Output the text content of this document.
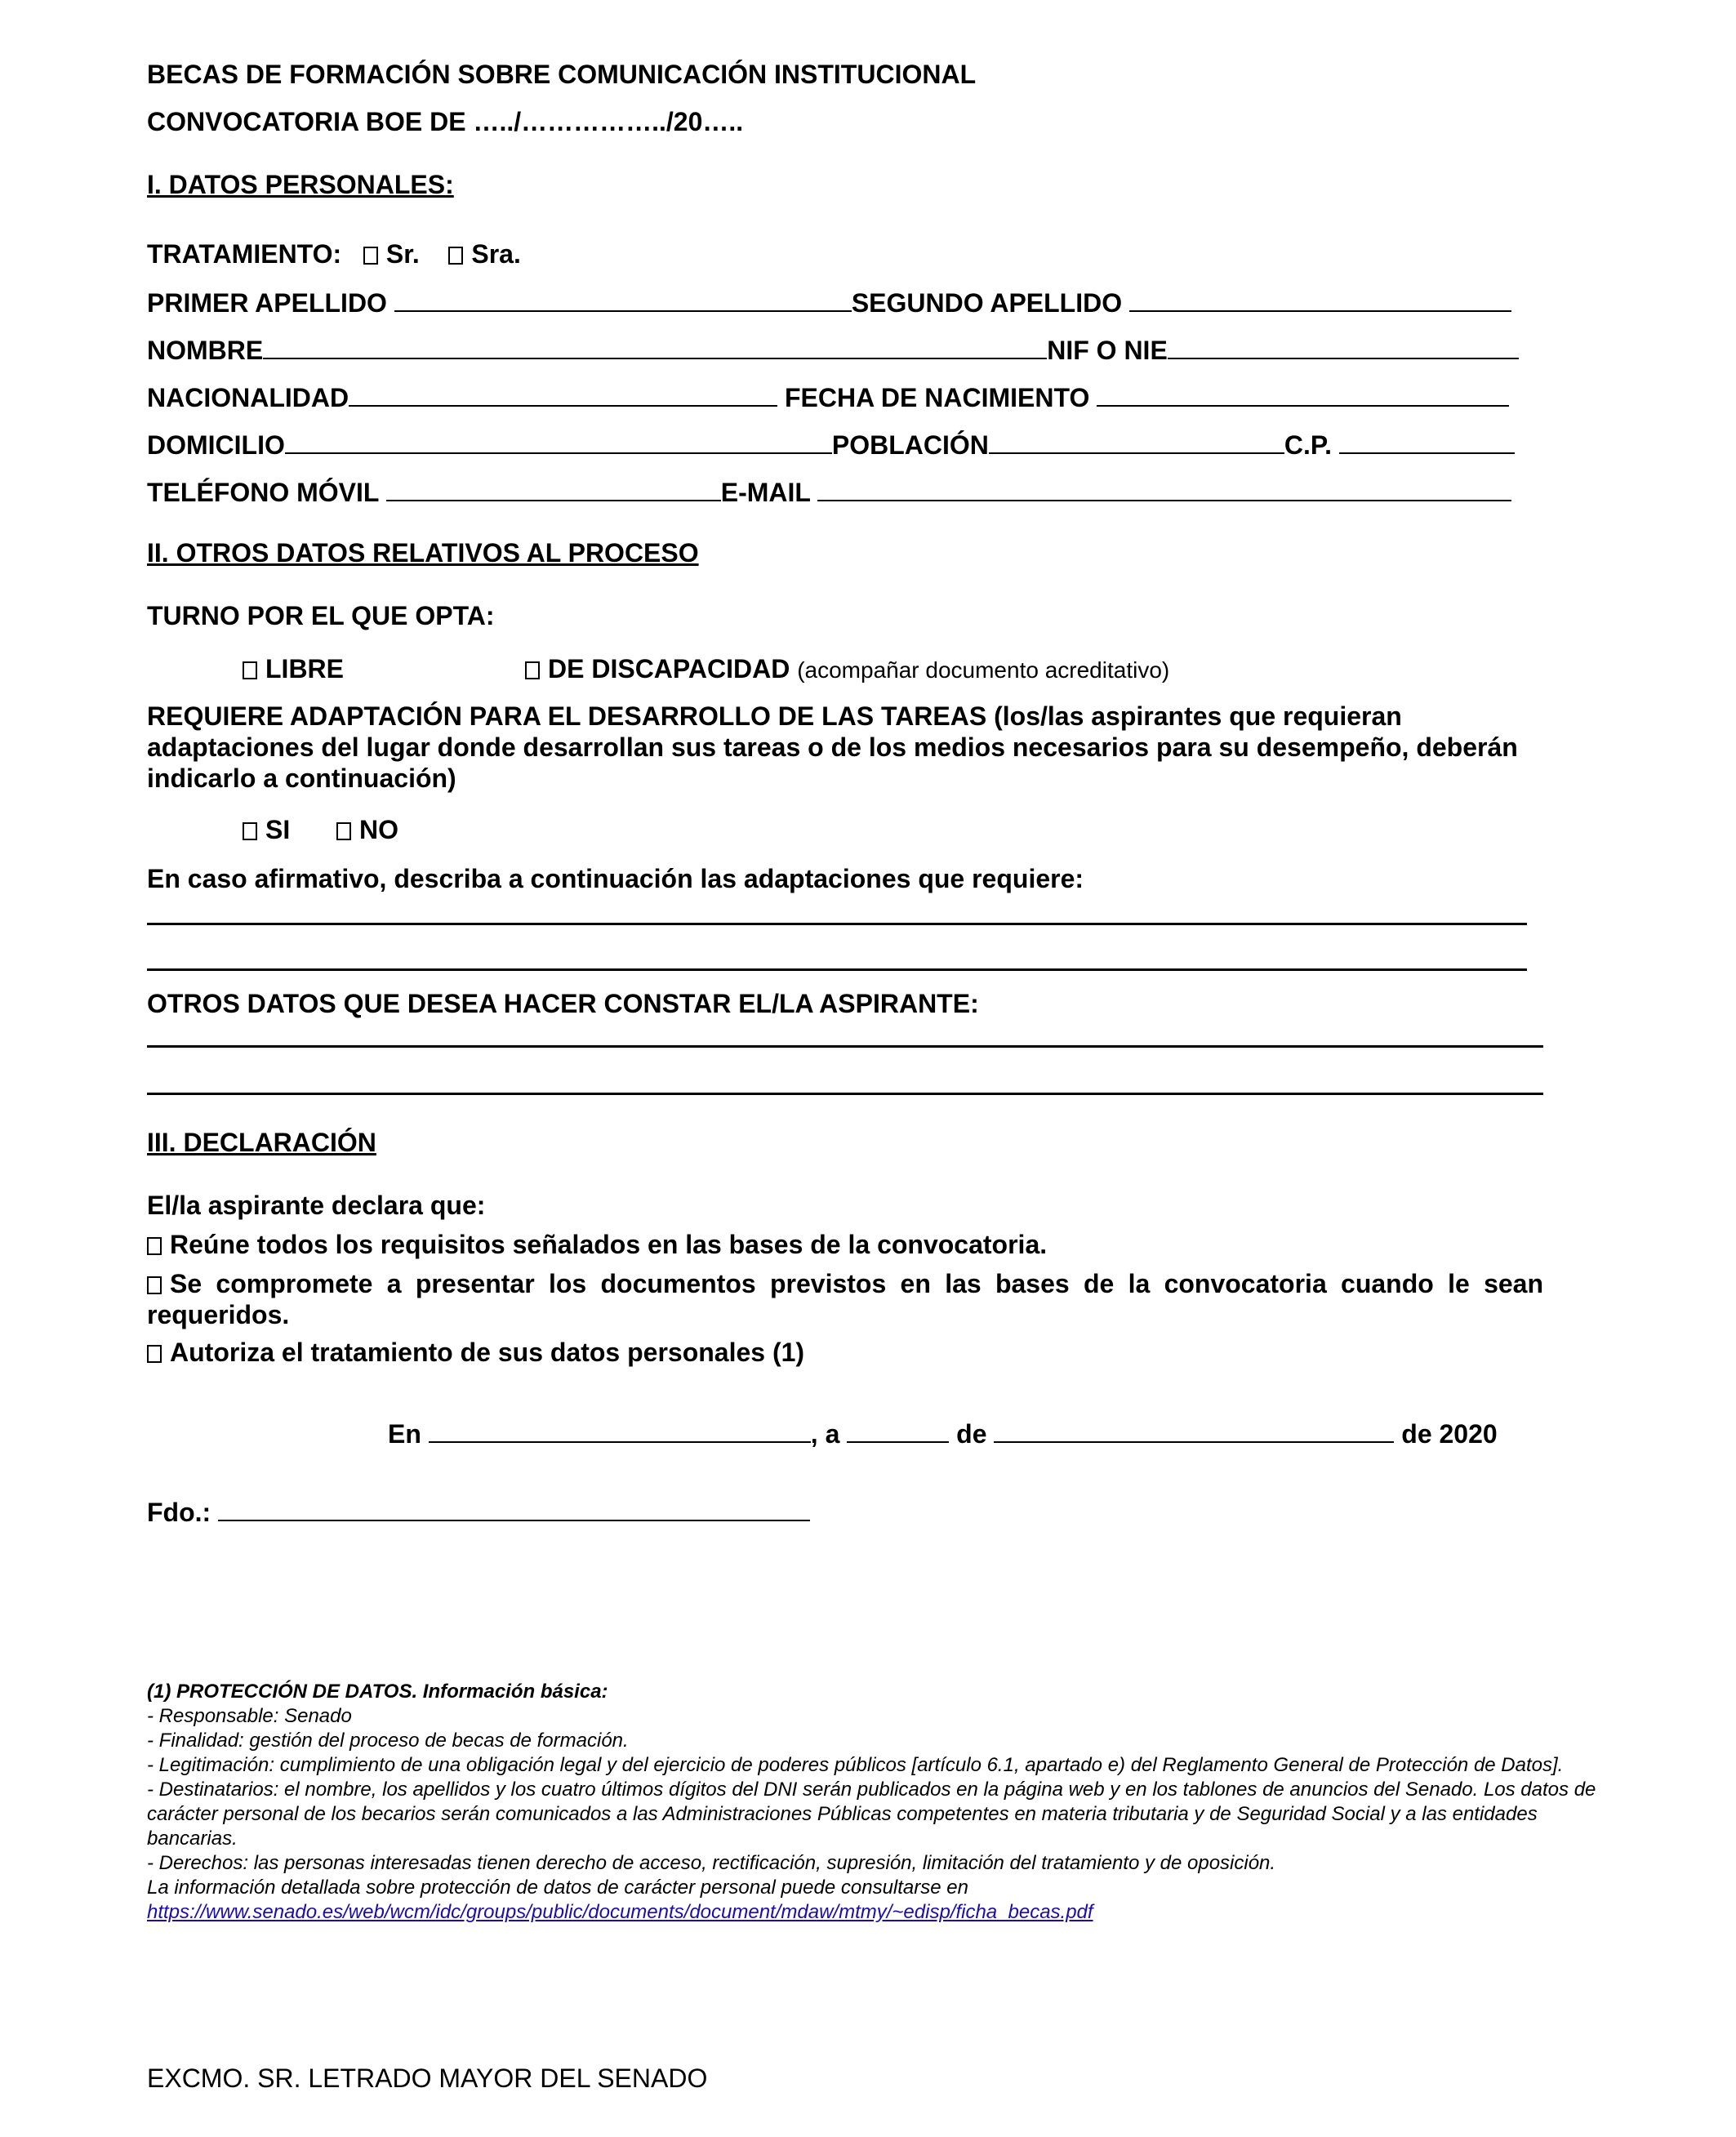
BECAS DE FORMACIÓN SOBRE COMUNICACIÓN INSTITUCIONAL
CONVOCATORIA BOE DE …../……………../20…..
I. DATOS PERSONALES:
TRATAMIENTO: Sr. Sra.
PRIMER APELLIDO	SEGUNDO APELLIDO
NOMBRE	NIF O NIE
NACIONALIDAD	FECHA DE NACIMIENTO
DOMICILIO	POBLACIÓN	C.P.
TELÉFONO MÓVIL	E-MAIL
II. OTROS DATOS RELATIVOS AL PROCESO
TURNO POR EL QUE OPTA:
LIBRE	DE DISCAPACIDAD (acompañar documento acreditativo)
REQUIERE ADAPTACIÓN PARA EL DESARROLLO DE LAS TAREAS (los/las aspirantes que requieran adaptaciones del lugar donde desarrollan sus tareas o de los medios necesarios para su desempeño, deberán indicarlo a continuación)
SI	NO
En caso afirmativo, describa a continuación las adaptaciones que requiere:
OTROS DATOS QUE DESEA HACER CONSTAR EL/LA ASPIRANTE:
III. DECLARACIÓN
El/la aspirante declara que:
Reúne todos los requisitos señalados en las bases de la convocatoria.
Se compromete a presentar los documentos previstos en las bases de la convocatoria cuando le sean requeridos.
Autoriza el tratamiento de sus datos personales (1)
En	, a	de	de 2020
Fdo.:
(1) PROTECCIÓN DE DATOS. Información básica:
- Responsable: Senado
- Finalidad: gestión del proceso de becas de formación.
- Legitimación: cumplimiento de una obligación legal y del ejercicio de poderes públicos [artículo 6.1, apartado e) del Reglamento General de Protección de Datos].
- Destinatarios: el nombre, los apellidos y los cuatro últimos dígitos del DNI serán publicados en la página web y en los tablones de anuncios del Senado. Los datos de carácter personal de los becarios serán comunicados a las Administraciones Públicas competentes en materia tributaria y de Seguridad Social y a las entidades bancarias.
- Derechos: las personas interesadas tienen derecho de acceso, rectificación, supresión, limitación del tratamiento y de oposición.
La información detallada sobre protección de datos de carácter personal puede consultarse en
https://www.senado.es/web/wcm/idc/groups/public/documents/document/mdaw/mtmy/~edisp/ficha_becas.pdf
EXCMO. SR. LETRADO MAYOR DEL SENADO
